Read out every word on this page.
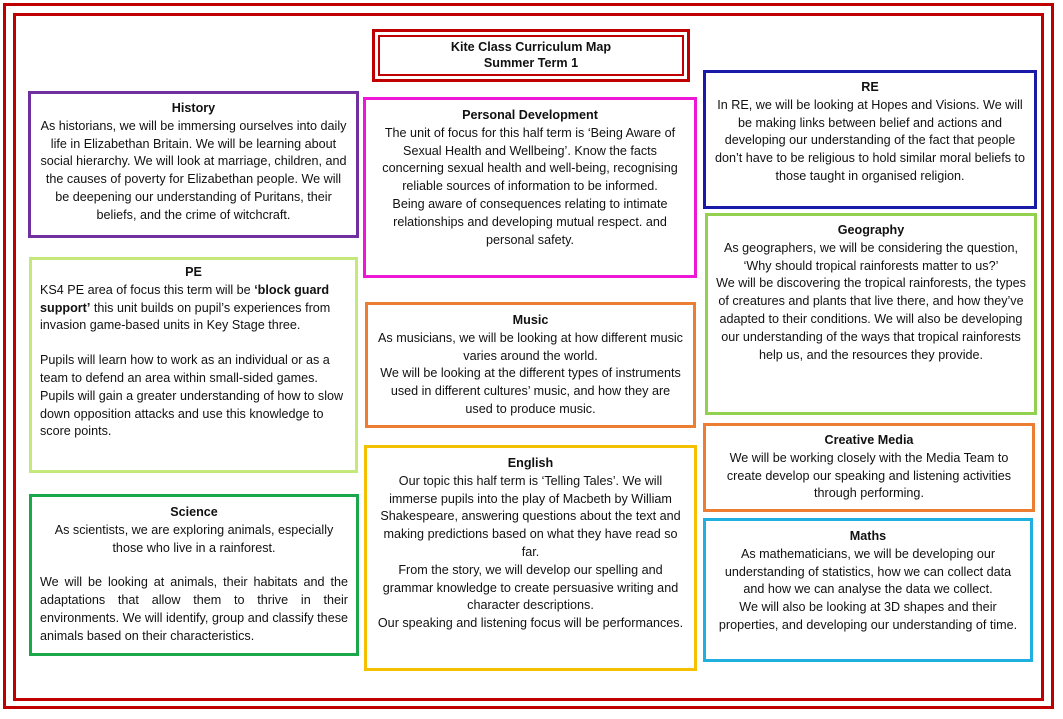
Kite Class Curriculum Map
Summer Term 1
History

As historians, we will be immersing ourselves into daily life in Elizabethan Britain. We will be learning about social hierarchy. We will look at marriage, children, and the causes of poverty for Elizabethan people. We will be deepening our understanding of Puritans, their beliefs, and the crime of witchcraft.

PE

KS4 PE area of focus this term will be ‘block guard support’ this unit builds on pupil’s experiences from invasion game-based units in Key Stage three.

Pupils will learn how to work as an individual or as a team to defend an area within small-sided games. Pupils will gain a greater understanding of how to slow down opposition attacks and use this knowledge to score points.

Science

As scientists, we are exploring animals, especially those who live in a rainforest.

We will be looking at animals, their habitats and the adaptations that allow them to thrive in their environments. We will identify, group and classify these animals based on their characteristics.

Personal Development

The unit of focus for this half term is ‘Being Aware of Sexual Health and Wellbeing’. Know the facts concerning sexual health and well-being, recognising

reliable sources of information to be informed.

Being aware of consequences relating to intimate relationships and developing mutual respect. and personal safety.

Music

As musicians, we will be looking at how different music varies around the world.

We will be looking at the different types of instruments used in different cultures’ music, and how they are used to produce music.

English

Our topic this half term is ‘Telling Tales’. We will immerse pupils into the play of Macbeth by William Shakespeare, answering questions about the text and making predictions based on what they have read so far.

From the story, we will develop our spelling and grammar knowledge to create persuasive writing and character descriptions.

Our speaking and listening focus will be performances.

RE

In RE, we will be looking at Hopes and Visions. We will be making links between belief and actions and developing our understanding of the fact that people don’t have to be religious to hold similar moral beliefs to those taught in organised religion.

Geography

As geographers, we will be considering the question, ‘Why should tropical rainforests matter to us?’

We will be discovering the tropical rainforests, the types of creatures and plants that live there, and how they’ve adapted to their conditions. We will also be developing our understanding of the ways that tropical rainforests help us, and the resources they provide.

Creative Media

We will be working closely with the Media Team to create develop our speaking and listening activities through performing.

Maths

As mathematicians, we will be developing our understanding of statistics, how we can collect data and how we can analyse the data we collect.

We will also be looking at 3D shapes and their properties, and developing our understanding of time.
